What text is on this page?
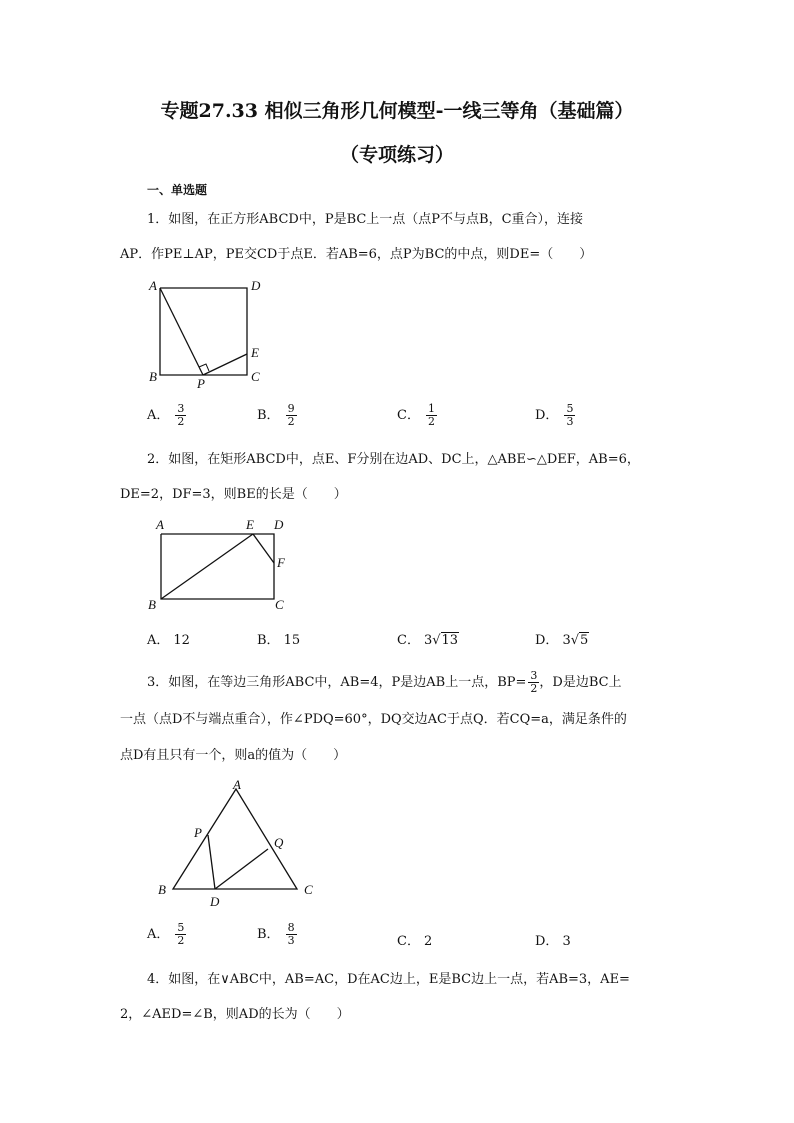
专题27.33 相似三角形几何模型-一线三等角（基础篇）
（专项练习）
一、单选题
1．如图，在正方形ABCD中，P是BC上一点（点P不与点B，C重合），连接
AP．作PE⊥AP，PE交CD于点E．若AB=6，点P为BC的中点，则DE=（　　）
A	D
B	C
E
P
A． $\frac{3}{2}$	B． $\frac{9}{2}$	C． $\frac{1}{2}$	D． $\frac{5}{3}$
2．如图，在矩形ABCD中，点E、F分别在边AD、DC上，△ABE∽△DEF，AB=6，
DE=2，DF=3，则BE的长是（　　）
A	E D
F
B	C
A． 12	B． 15	C． 3√13	D． 3√5
3．如图，在等边三角形ABC中，AB=4，P是边AB上一点，$BP= \frac{3}{2}$ ，D是边BC上
一点（点D不与端点重合），作∠PDQ=60°，DQ交边AC于点Q．若CQ=a，满足条件的
点D有且只有一个，则a的值为（　　）
A
P
Q
B	C
D
A． $\frac{5}{2}$	B． $\frac{8}{3}$	C． 2	D． 3
4．如图，在∨ABC中，AB=AC，D在AC边上，E是BC边上一点，若AB=3，AE=
2，∠AED=∠B，则AD的长为（　　）
